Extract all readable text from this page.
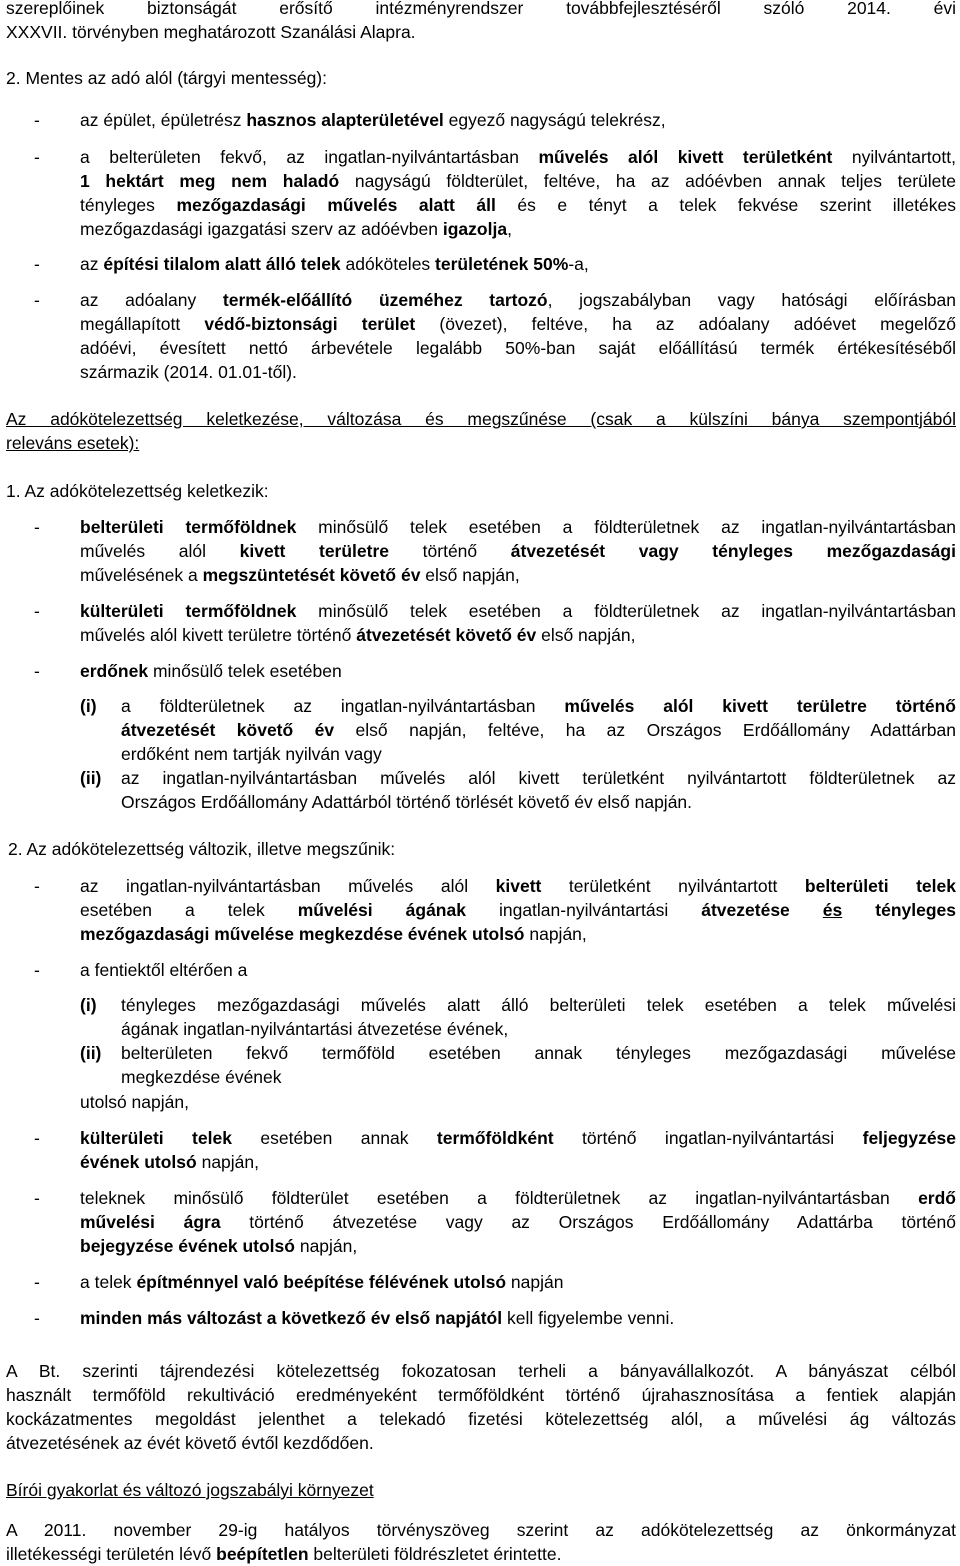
szereplőinek biztonságát erősítő intézményrendszer továbbfejlesztéséről szóló 2014. évi
XXXVII. törvényben meghatározott Szanálási Alapra.
2. Mentes az adó alól (tárgyi mentesség):
- az épület, épületrész hasznos alapterületével egyező nagyságú telekrész,
- a belterületen fekvő, az ingatlan-nyilvántartásban művelés alól kivett területként nyilvántartott,
1 hektárt meg nem haladó nagyságú földterület, feltéve, ha az adóévben annak teljes területe
tényleges mezőgazdasági művelés alatt áll és e tényt a telek fekvése szerint illetékes
mezőgazdasági igazgatási szerv az adóévben igazolja,
- az építési tilalom alatt álló telek adóköteles területének 50%-a,
- az adóalany termék-előállító üzeméhez tartozó, jogszabályban vagy hatósági előírásban
megállapított védő-biztonsági terület (övezet), feltéve, ha az adóalany adóévet megelőző
adóévi, évesített nettó árbevétele legalább 50%-ban saját előállítású termék értékesítéséből
származik (2014. 01.01-től).
Az adókötelezettség keletkezése, változása és megszűnése (csak a külszíni bánya szempontjából
releváns esetek):
1. Az adókötelezettség keletkezik:
- belterületi termőföldnek minősülő telek esetében a földterületnek az ingatlan-nyilvántartásban
művelés alól kivett területre történő átvezetését vagy tényleges mezőgazdasági
művelésének a megszüntetését követő év első napján,
- külterületi termőföldnek minősülő telek esetében a földterületnek az ingatlan-nyilvántartásban
művelés alól kivett területre történő átvezetését követő év első napján,
- erdőnek minősülő telek esetében
(i) a földterületnek az ingatlan-nyilvántartásban művelés alól kivett területre történő
átvezetését követő év első napján, feltéve, ha az Országos Erdőállomány Adattárban
erdőként nem tartják nyilván vagy
(ii) az ingatlan-nyilvántartásban művelés alól kivett területként nyilvántartott földterületnek az
Országos Erdőállomány Adattárból történő törlését követő év első napján.
2. Az adókötelezettség változik, illetve megszűnik:
- az ingatlan-nyilvántartásban művelés alól kivett területként nyilvántartott belterületi telek
esetében a telek művelési ágának ingatlan-nyilvántartási átvezetése és tényleges
mezőgazdasági művelése megkezdése évének utolsó napján,
- a fentiektől eltérően a
(i) tényleges mezőgazdasági művelés alatt álló belterületi telek esetében a telek művelési
ágának ingatlan-nyilvántartási átvezetése évének,
(ii) belterületen fekvő termőföld esetében annak tényleges mezőgazdasági művelése
megkezdése évének
utolsó napján,
- külterületi telek esetében annak termőföldként történő ingatlan-nyilvántartási feljegyzése
évének utolsó napján,
- teleknek minősülő földterület esetében a földterületnek az ingatlan-nyilvántartásban erdő
művelési ágra történő átvezetése vagy az Országos Erdőállomány Adattárba történő
bejegyzése évének utolsó napján,
- a telek építménnyel való beépítése félévének utolsó napján
- minden más változást a következő év első napjától kell figyelembe venni.
A Bt. szerinti tájrendezési kötelezettség fokozatosan terheli a bányavállalkozót. A bányászat célból
használt termőföld rekultiváció eredményeként termőföldként történő újrahasznosítása a fentiek alapján
kockázatmentes megoldást jelenthet a telekadó fizetési kötelezettség alól, a művelési ág változás
átvezetésének az évét követő évtől kezdődően.
Bírói gyakorlat és változó jogszabályi környezet
A 2011. november 29-ig hatályos törvényszöveg szerint az adókötelezettség az önkormányzat
illetékességi területén lévő beépítetlen belterületi földrészletet érintette.
